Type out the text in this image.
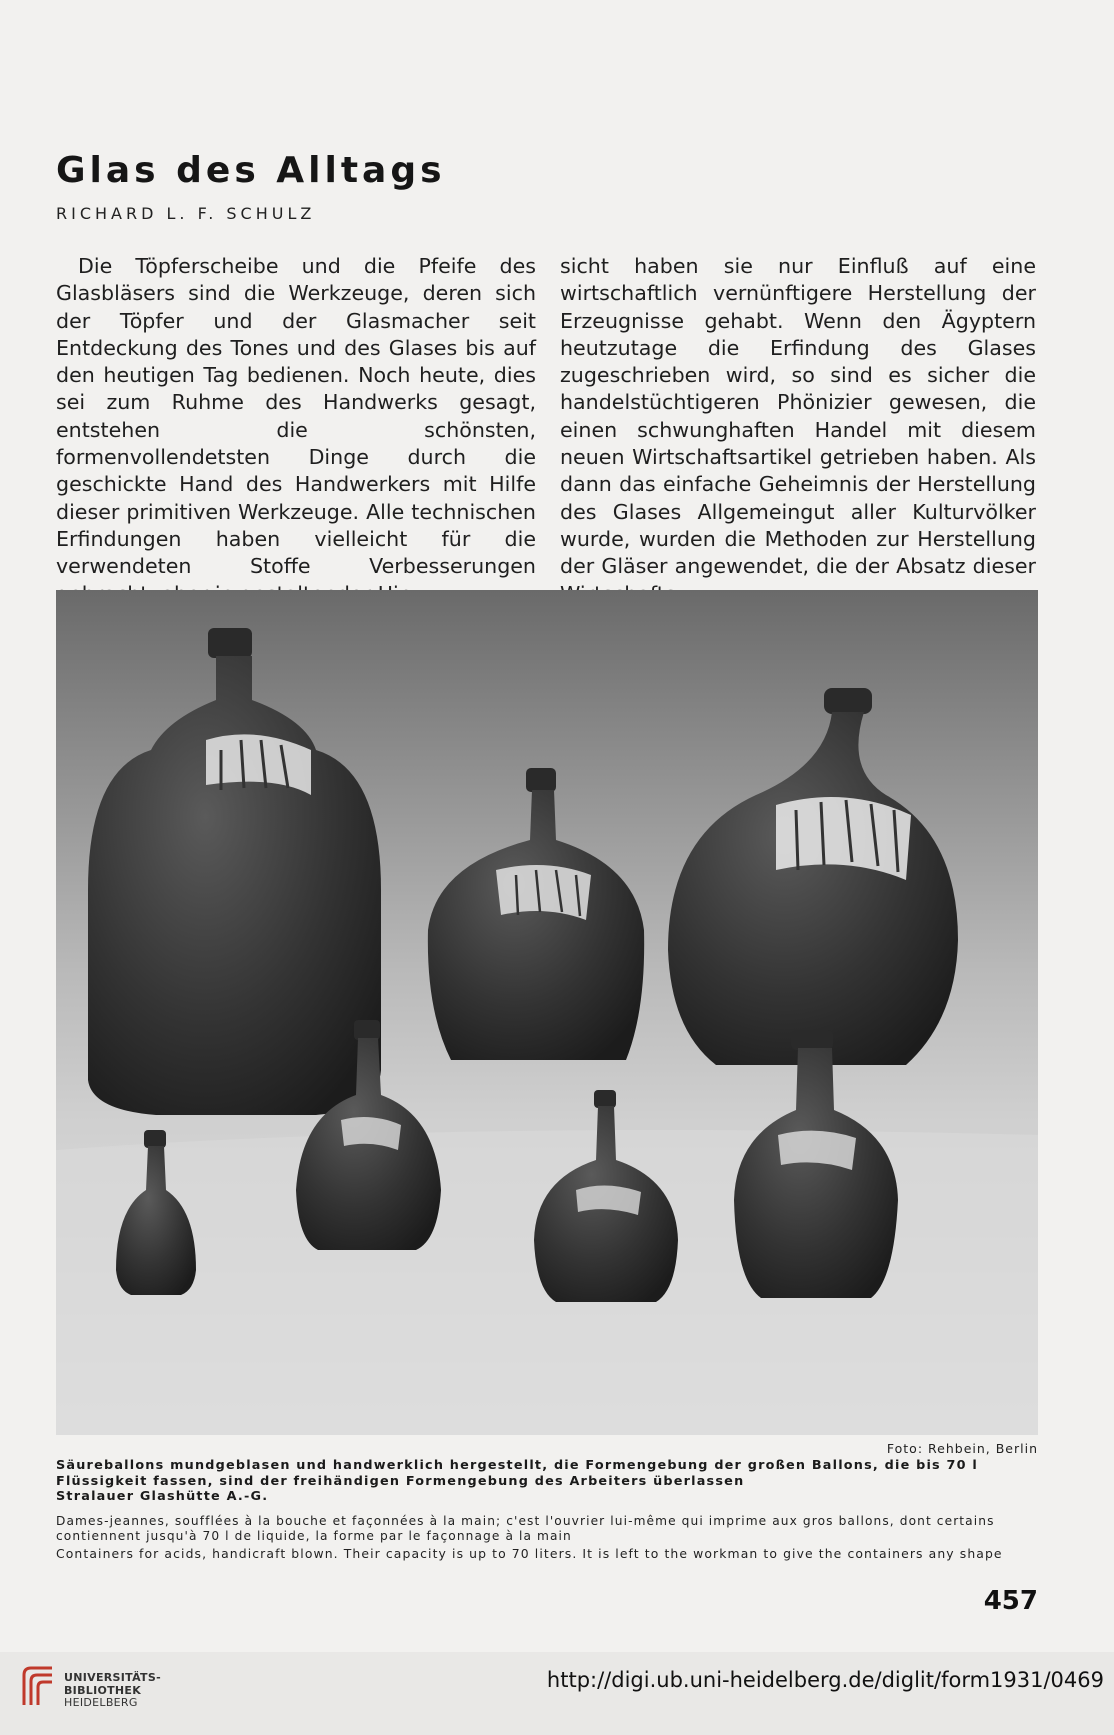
Glas des Alltags
RICHARD L. F. SCHULZ

Die Töpferscheibe und die Pfeife des Glasbläsers sind die Werkzeuge, deren sich der Töpfer und der Glasmacher seit Entdeckung des Tones und des Glases bis auf den heutigen Tag bedienen. Noch heute, dies sei zum Ruhme des Handwerks gesagt, entstehen die schönsten, formenvollendetsten Dinge durch die geschickte Hand des Handwerkers mit Hilfe dieser primitiven Werkzeuge. Alle technischen Erfindungen haben vielleicht für die verwendeten Stoffe Verbesserungen

sicht haben sie nur Einfluß auf eine wirtschaftlich vernünftigere Herstellung der Erzeugnisse gehabt. Wenn den Ägyptern heutzutage die Erfindung des Glases zugeschrieben wird, so sind es sicher die handelstüchtigeren Phönizier gewesen, die einen schwunghaften Handel mit diesem neuen Wirtschaftsartikel getrieben haben. Als dann das einfache Geheimnis der Herstellung des Glases Allgemeingut aller Kulturvölker wurde, wurden die Methoden zur Herstellung der Gläser angewendet, die der Absatz dieser

Foto: Rehbein, Berlin
Säureballons mundgeblasen und handwerklich hergestellt, die Formengebung der großen Ballons, die bis 70 l Flüssigkeit fassen, sind der freihändigen Formengebung des Arbeiters überlassen
Stralauer Glashütte A.-G.
Dames-jeannes, soufflées à la bouche et façonnées à la main; c'est l'ouvrier lui-même qui imprime aux gros ballons, dont certains contiennent jusqu'à 70 l de liquide, la forme par le façonnage à la main
Containers for acids, handicraft blown. Their capacity is up to 70 liters. It is left to the workman to give the containers any shape
457
UNIVERSITÄTS-
BIBLIOTHEK
HEIDELBERG
http://digi.ub.uni-heidelberg.de/diglit/form1931/0469
